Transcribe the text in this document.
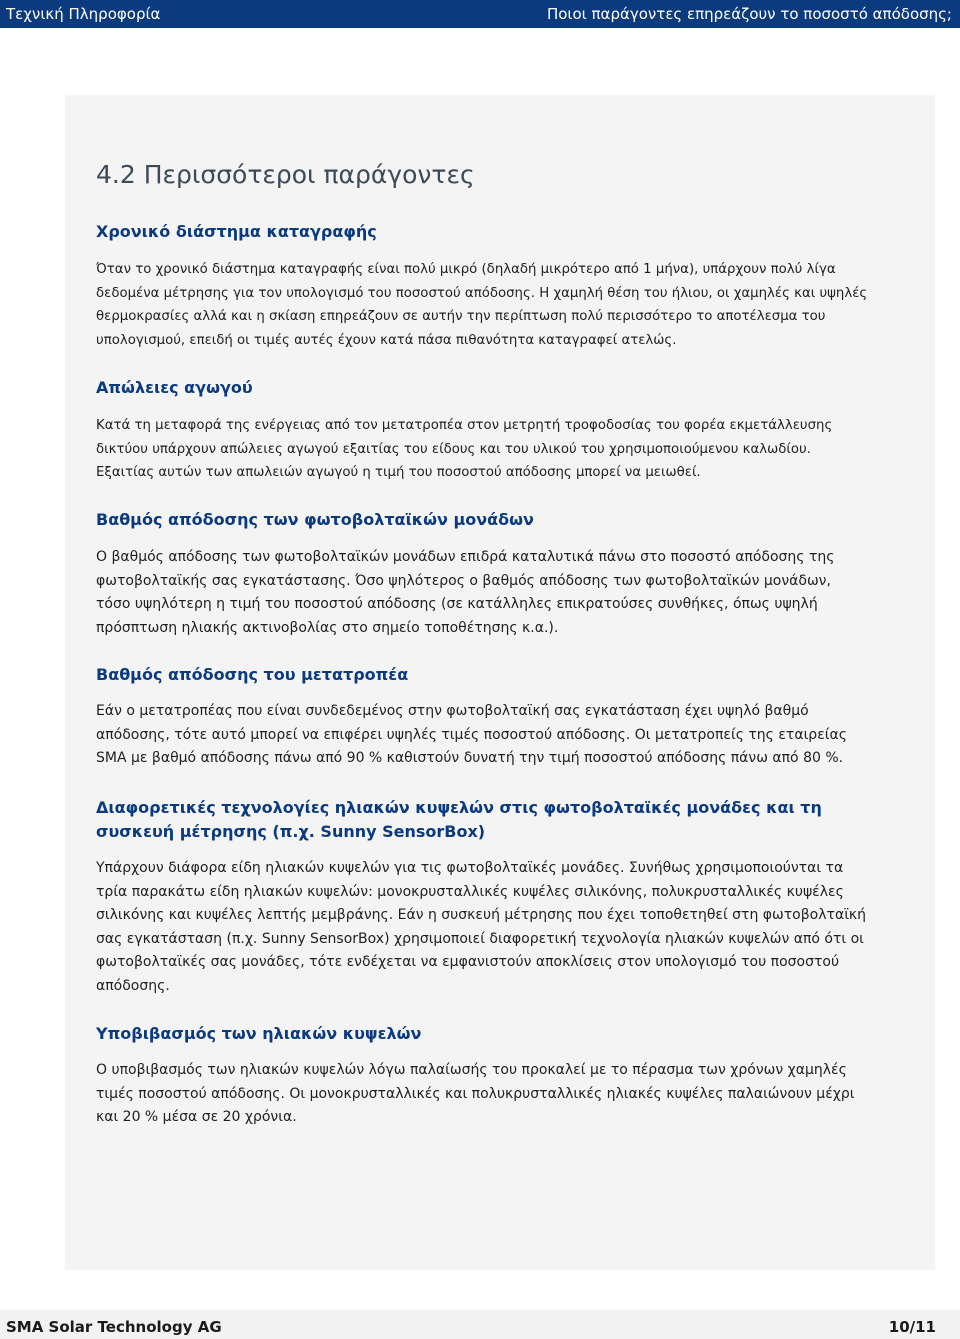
Τεχνική Πληροφορία	Ποιοι παράγοντες επηρεάζουν το ποσοστό απόδοσης;
4.2 Περισσότεροι παράγοντες
Χρονικό διάστημα καταγραφής

Όταν το χρονικό διάστημα καταγραφής είναι πολύ μικρό (δηλαδή μικρότερο από 1 μήνα), υπάρχουν πολύ λίγα δεδομένα μέτρησης για τον υπολογισμό του ποσοστού απόδοσης. Η χαμηλή θέση του ήλιου, οι χαμηλές και υψηλές θερμοκρασίες αλλά και η σκίαση επηρεάζουν σε αυτήν την περίπτωση πολύ περισσότερο το αποτέλεσμα του υπολογισμού, επειδή οι τιμές αυτές έχουν κατά πάσα πιθανότητα καταγραφεί ατελώς.

Απώλειες αγωγού

Κατά τη μεταφορά της ενέργειας από τον μετατροπέα στον μετρητή τροφοδοσίας του φορέα εκμετάλλευσης δικτύου υπάρχουν απώλειες αγωγού εξαιτίας του είδους και του υλικού του χρησιμοποιούμενου καλωδίου. Εξαιτίας αυτών των απωλειών αγωγού η τιμή του ποσοστού απόδοσης μπορεί να μειωθεί.

Βαθμός απόδοσης των φωτοβολταϊκών μονάδων

Ο βαθμός απόδοσης των φωτοβολταϊκών μονάδων επιδρά καταλυτικά πάνω στο ποσοστό απόδοσης της φωτοβολταϊκής σας εγκατάστασης. Όσο ψηλότερος ο βαθμός απόδοσης των φωτοβολταϊκών μονάδων, τόσο υψηλότερη η τιμή του ποσοστού απόδοσης (σε κατάλληλες επικρατούσες συνθήκες, όπως υψηλή πρόσπτωση ηλιακής ακτινοβολίας στο σημείο τοποθέτησης κ.α.).

Βαθμός απόδοσης του μετατροπέα

Εάν ο μετατροπέας που είναι συνδεδεμένος στην φωτοβολταϊκή σας εγκατάσταση έχει υψηλό βαθμό απόδοσης, τότε αυτό μπορεί να επιφέρει υψηλές τιμές ποσοστού απόδοσης. Οι μετατροπείς της εταιρείας SMA με βαθμό απόδοσης πάνω από 90 % καθιστούν δυνατή την τιμή ποσοστού απόδοσης πάνω από 80 %.

Διαφορετικές τεχνολογίες ηλιακών κυψελών στις φωτοβολταϊκές μονάδες και τη συσκευή μέτρησης (π.χ. Sunny SensorBox)

Υπάρχουν διάφορα είδη ηλιακών κυψελών για τις φωτοβολταϊκές μονάδες. Συνήθως χρησιμοποιούνται τα τρία παρακάτω είδη ηλιακών κυψελών: μονοκρυσταλλικές κυψέλες σιλικόνης, πολυκρυσταλλικές κυψέλες σιλικόνης και κυψέλες λεπτής μεμβράνης. Εάν η συσκευή μέτρησης που έχει τοποθετηθεί στη φωτοβολταϊκή σας εγκατάσταση (π.χ. Sunny SensorBox) χρησιμοποιεί διαφορετική τεχνολογία ηλιακών κυψελών από ότι οι φωτοβολταϊκές σας μονάδες, τότε ενδέχεται να εμφανιστούν αποκλίσεις στον υπολογισμό του ποσοστού απόδοσης.

Υποβιβασμός των ηλιακών κυψελών

Ο υποβιβασμός των ηλιακών κυψελών λόγω παλαίωσής του προκαλεί με το πέρασμα των χρόνων χαμηλές τιμές ποσοστού απόδοσης. Οι μονοκρυσταλλικές και πολυκρυσταλλικές ηλιακές κυψέλες παλαιώνουν μέχρι και 20 % μέσα σε 20 χρόνια.

SMA Solar Technology AG	10/11
